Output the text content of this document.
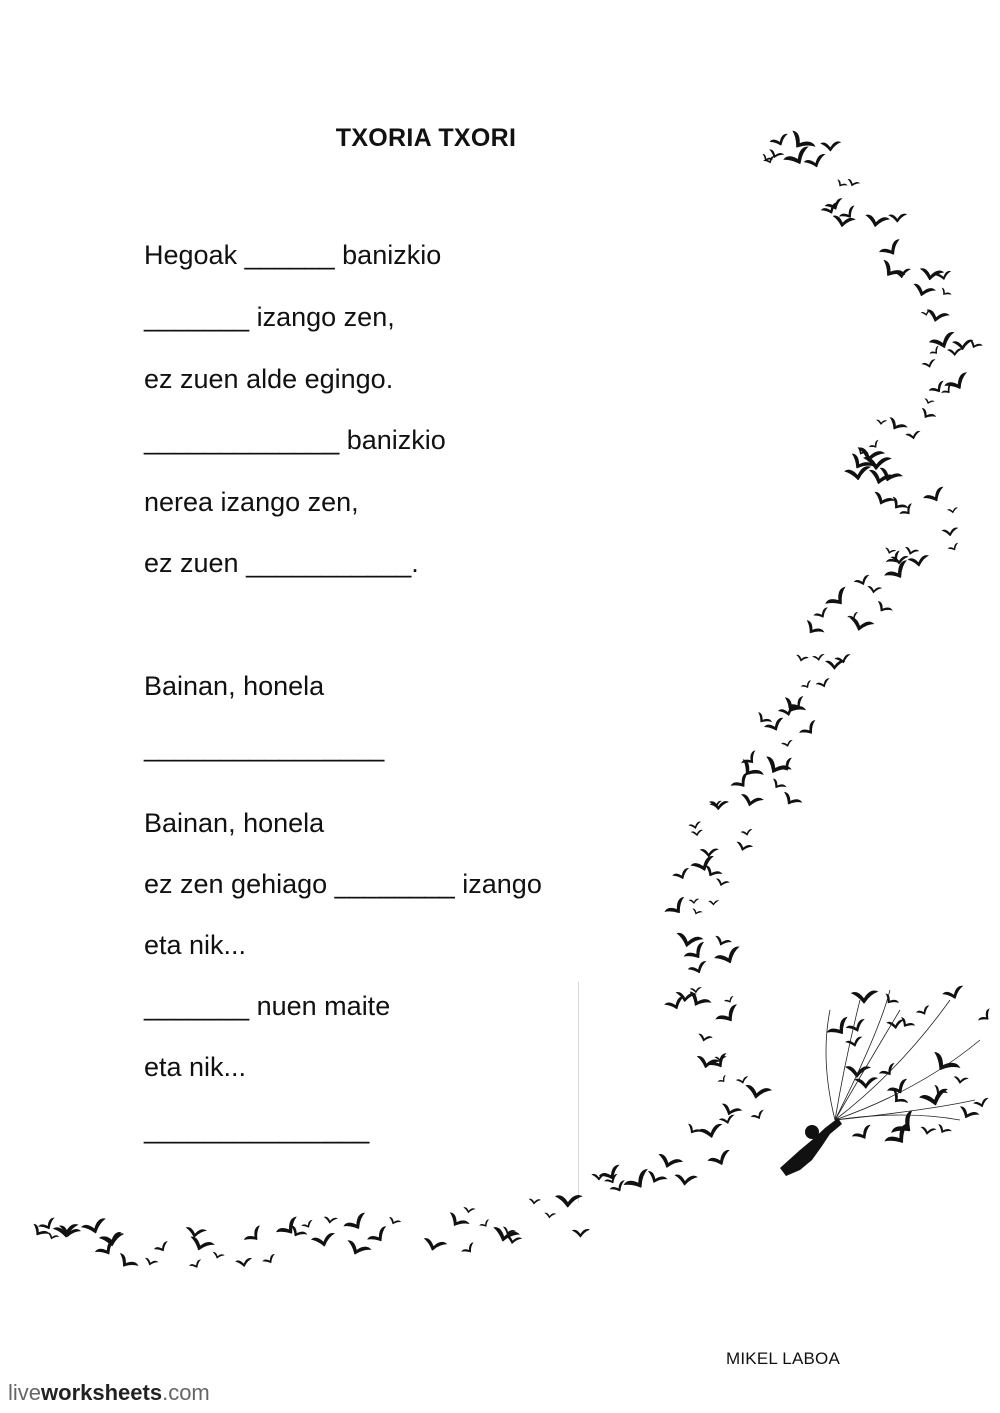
TXORIA TXORI
Hegoak ______ banizkio
_______ izango zen,
ez zuen alde egingo.
_____________ banizkio
nerea izango zen,
ez zuen ___________.
Bainan, honela
________________
Bainan, honela
ez zen gehiago ________ izango
eta nik...
_______ nuen maite
eta nik...
_______________
MIKEL LABOA
liveworksheets.com
